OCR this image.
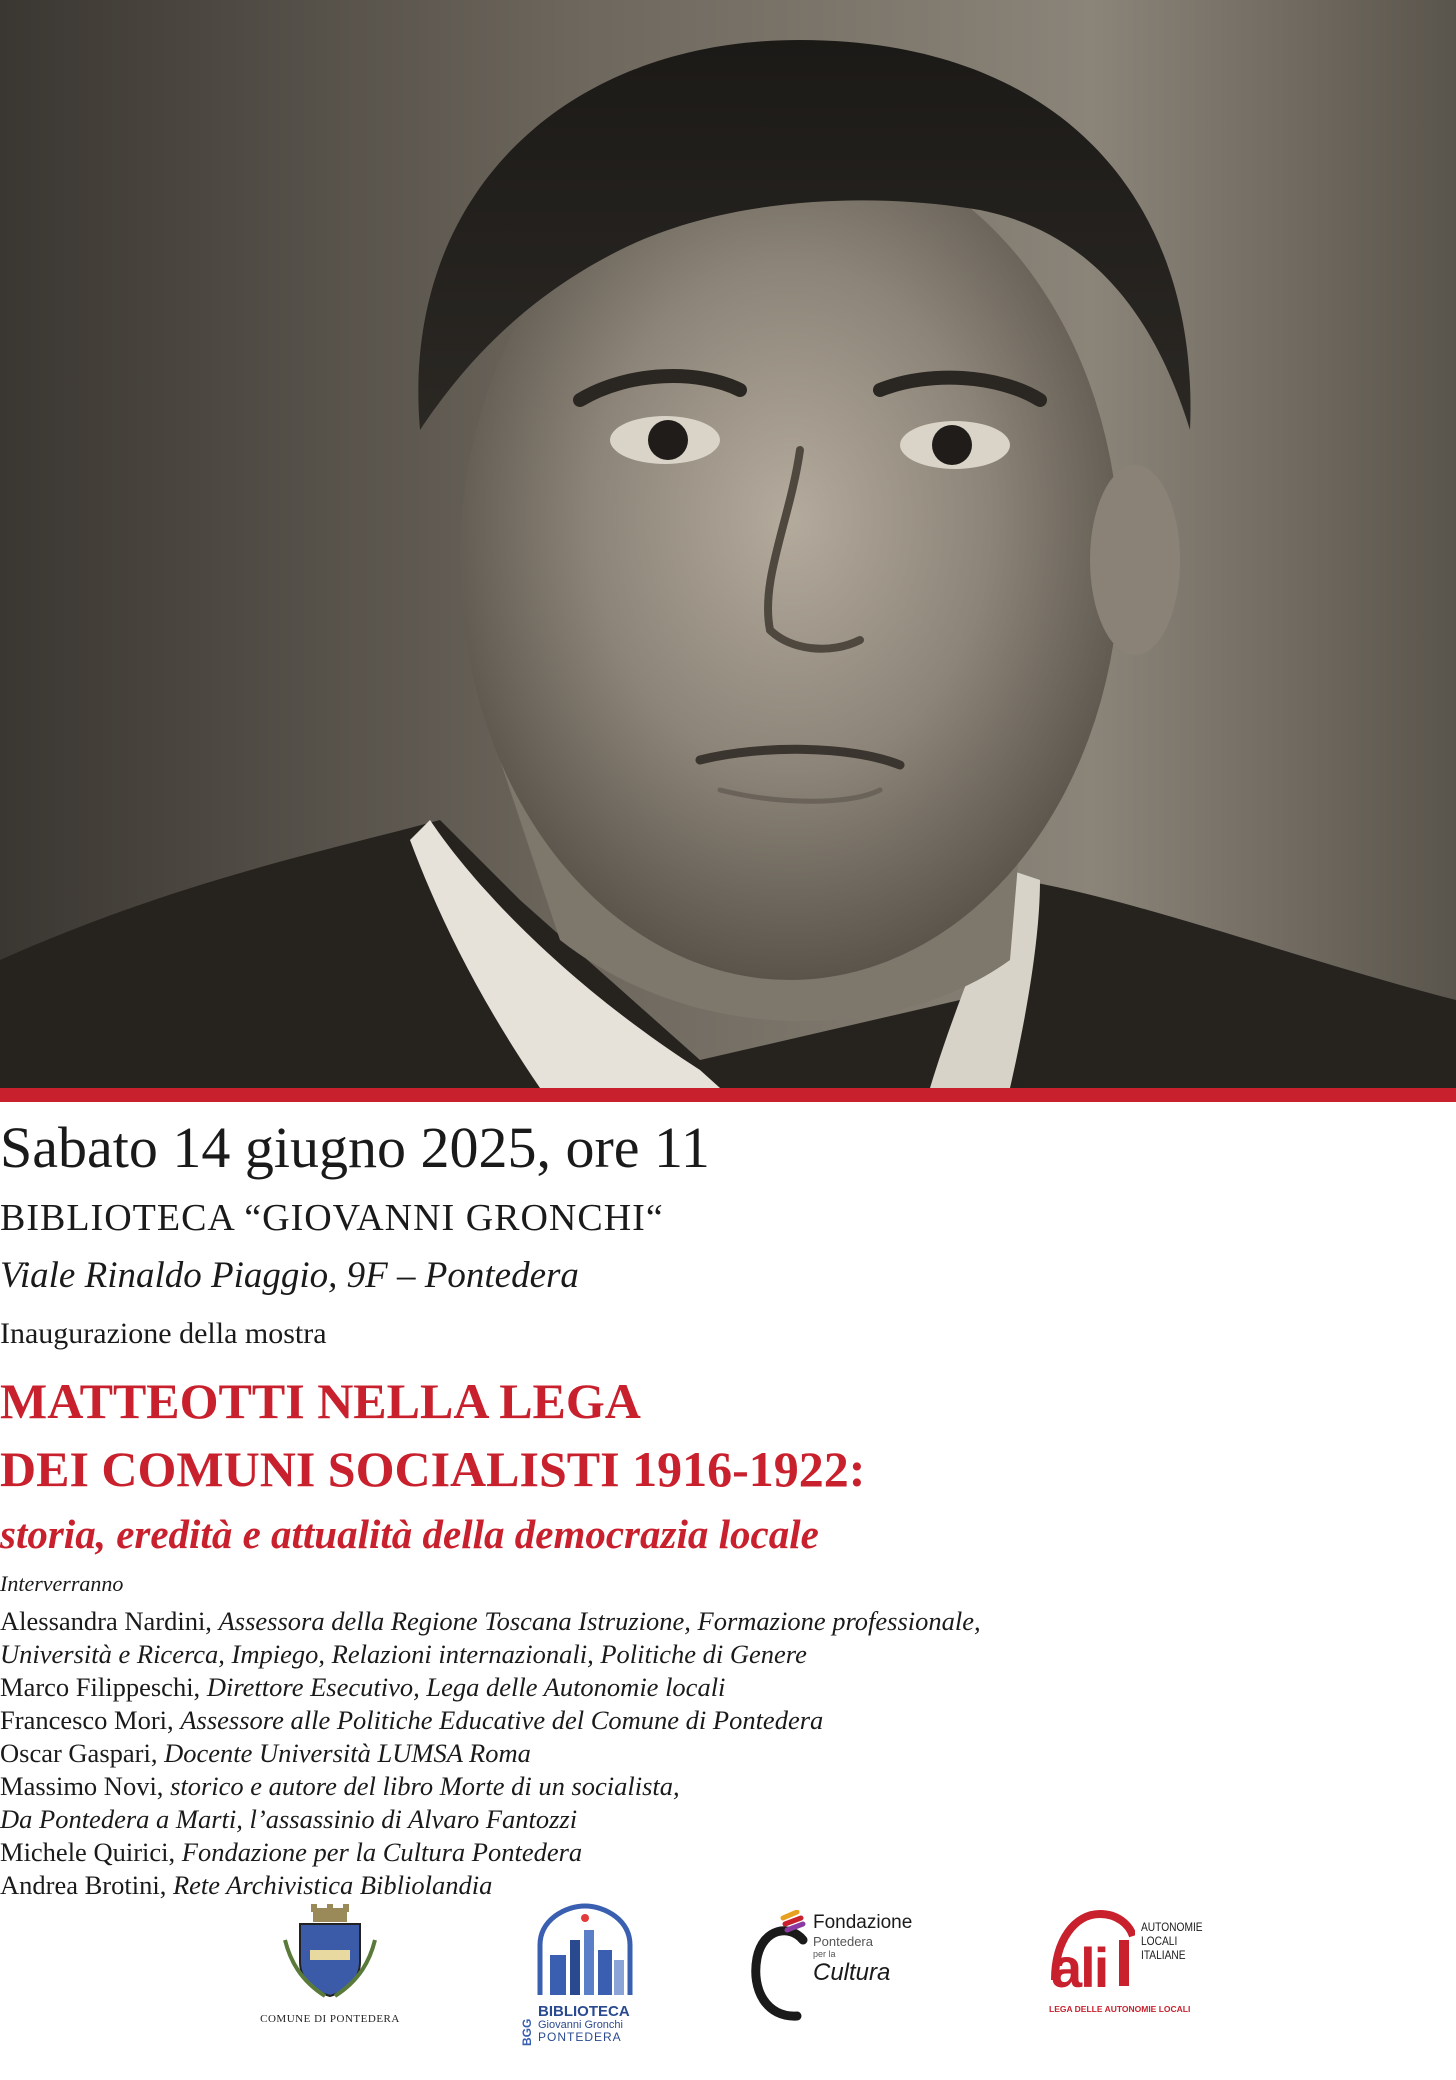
Sabato 14 giugno 2025, ore 11
BIBLIOTECA “GIOVANNI GRONCHI“
Viale Rinaldo Piaggio, 9F – Pontedera
Inaugurazione della mostra
MATTEOTTI NELLA LEGA
DEI COMUNI SOCIALISTI 1916-1922:
storia, eredità e attualità della democrazia locale
Interverranno
Alessandra Nardini, Assessora della Regione Toscana Istruzione, Formazione professionale,
Università e Ricerca, Impiego, Relazioni internazionali, Politiche di Genere
Marco Filippeschi, Direttore Esecutivo, Lega delle Autonomie locali
Francesco Mori, Assessore alle Politiche Educative del Comune di Pontedera
Oscar Gaspari, Docente Università LUMSA Roma
Massimo Novi, storico e autore del libro Morte di un socialista,
Da Pontedera a Marti, l’assassinio di Alvaro Fantozzi
Michele Quirici, Fondazione per la Cultura Pontedera
Andrea Brotini, Rete Archivistica Bibliolandia
COMUNE DI PONTEDERA	BGG
BIBLIOTECA
Giovanni Gronchi
PONTEDERA
Fondazione
Pontedera
per la
Cultura	ali
AUTONOMIE
LOCALI
ITALIANE
LEGA DELLE AUTONOMIE LOCALI
